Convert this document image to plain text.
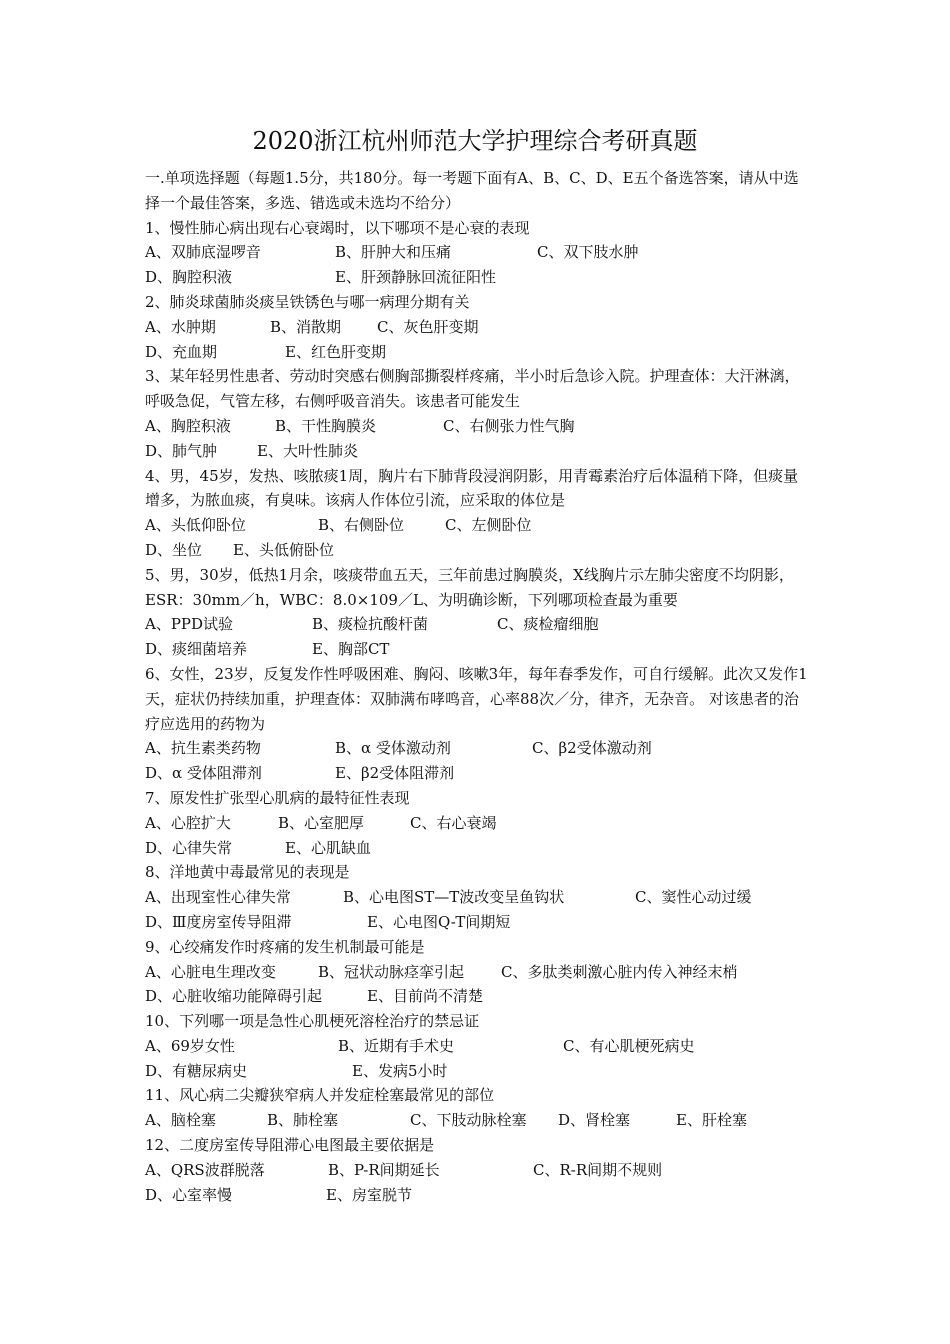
2020浙江杭州师范大学护理综合考研真题

一.单项选择题（每题1.5分，共180分。每一考题下面有A、B、C、D、E五个备选答案，请从中选择一个最佳答案，多选、错选或未选均不给分）

1、慢性肺心病出现右心衰竭时，以下哪项不是心衰的表现

A、双肺底湿啰音	B、肝肿大和压痛	C、双下肢水肿
D、胸腔积液	E、肝颈静脉回流征阳性

2、肺炎球菌肺炎痰呈铁锈色与哪一病理分期有关

A、水肿期	B、消散期 C、灰色肝变期
D、充血期	E、红色肝变期

3、某年轻男性患者、劳动时突感右侧胸部撕裂样疼痛，半小时后急诊入院。护理查体：大汗淋漓，呼吸急促，气管左移，右侧呼吸音消失。该患者可能发生

A、胸腔积液	B、干性胸膜炎	C、右侧张力性气胸
D、肺气肿	E、大叶性肺炎

4、男，45岁，发热、咳脓痰1周，胸片右下肺背段浸润阴影，用青霉素治疗后体温稍下降，但痰量增多，为脓血痰，有臭味。该病人作体位引流，应采取的体位是

A、头低仰卧位	B、右侧卧位	C、左侧卧位
D、坐位 E、头低俯卧位

5、男，30岁，低热1月余，咳痰带血五天，三年前患过胸膜炎，X线胸片示左肺尖密度不均阴影，ESR：30mm／h，WBC：8.0×109／L、为明确诊断，下列哪项检查最为重要

A、PPD试验	B、痰检抗酸杆菌	C、痰检瘤细胞
D、痰细菌培养	E、胸部CT

6、女性，23岁，反复发作性呼吸困难、胸闷、咳嗽3年，每年春季发作，可自行缓解。此次又发作1天，症状仍持续加重，护理查体：双肺满布哮鸣音，心率88次／分，律齐，无杂音。 对该患者的治疗应选用的药物为

A、抗生素类药物	B、α 受体激动剂	C、β2受体激动剂
D、α 受体阻滞剂	E、β2受体阻滞剂

7、原发性扩张型心肌病的最特征性表现

A、心腔扩大	B、心室肥厚	C、右心衰竭
D、心律失常	E、心肌缺血

8、洋地黄中毒最常见的表现是

A、出现室性心律失常	B、心电图ST—T波改变呈鱼钩状	C、窦性心动过缓
D、Ⅲ度房室传导阻滞	E、心电图Q-T间期短

9、心绞痛发作时疼痛的发生机制最可能是

A、心脏电生理改变	B、冠状动脉痉挛引起 C、多肽类刺激心脏内传入神经末梢
D、心脏收缩功能障碍引起	E、目前尚不清楚

10、下列哪一项是急性心肌梗死溶栓治疗的禁忌证

A、69岁女性	B、近期有手术史	C、有心肌梗死病史
D、有糖尿病史	E、发病5小时

11、风心病二尖瓣狭窄病人并发症栓塞最常见的部位

A、脑栓塞	B、肺栓塞	C、下肢动脉栓塞 D、肾栓塞	E、肝栓塞

12、二度房室传导阻滞心电图最主要依据是

A、QRS波群脱落	B、P-R间期延长	C、R-R间期不规则
D、心室率慢	E、房室脱节
